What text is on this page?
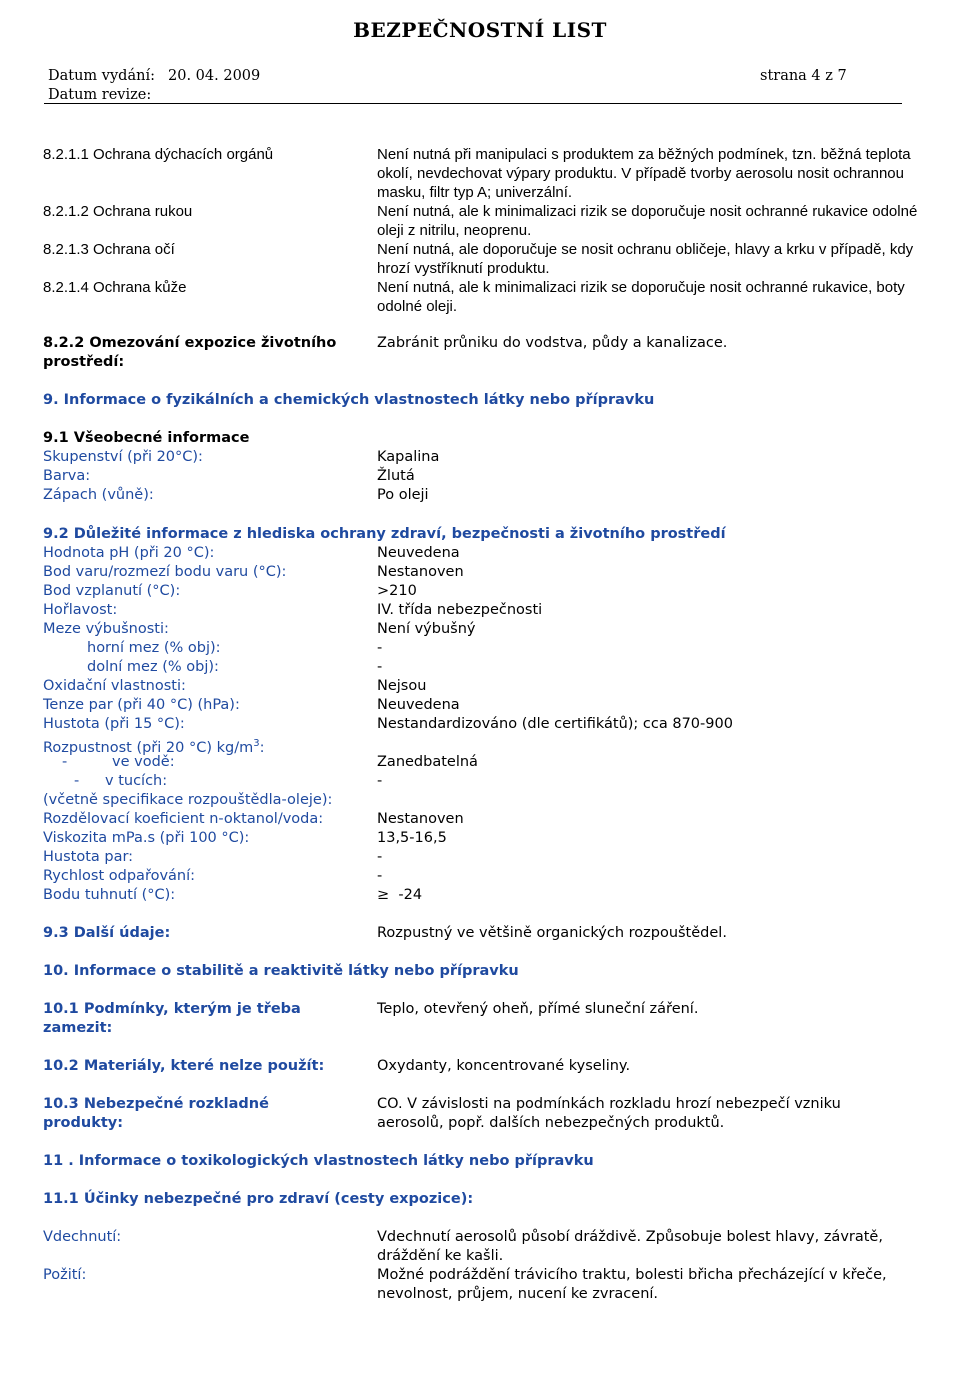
BEZPEČNOSTNÍ LIST
Datum vydání: 20. 04. 2009	strana 4 z 7
Datum revize:
8.2.1.1 Ochrana dýchacích orgánů	Není nutná při manipulaci s produktem za běžných podmínek, tzn. běžná teplota okolí, nevdechovat výpary produktu. V případě tvorby aerosolu nosit ochrannou masku, filtr typ A; univerzální.
8.2.1.2 Ochrana rukou	Není nutná, ale k minimalizaci rizik se doporučuje nosit ochranné rukavice odolné oleji z nitrilu, neoprenu.
8.2.1.3 Ochrana očí	Není nutná, ale doporučuje se nosit ochranu obličeje, hlavy a krku v případě, kdy hrozí vystříknutí produktu.
8.2.1.4 Ochrana kůže	Není nutná, ale k minimalizaci rizik se doporučuje nosit ochranné rukavice, boty odolné oleji.
8.2.2 Omezování expozice životního prostředí:
Zabránit průniku do vodstva, půdy a kanalizace.
9. Informace o fyzikálních a chemických vlastnostech látky nebo přípravku
9.1 Všeobecné informace
Skupenství (při 20°C):	Kapalina
Barva:	Žlutá
Zápach (vůně):	Po oleji
9.2 Důležité informace z hlediska ochrany zdraví, bezpečnosti a životního prostředí
Hodnota pH (při 20 °C):	Neuvedena
Bod varu/rozmezí bodu varu (°C):	Nestanoven
Bod vzplanutí (°C):	>210
Hořlavost:	IV. třída nebezpečnosti
Meze výbušnosti:	Není výbušný
horní mez (% obj):	-
dolní mez (% obj):	-
Oxidační vlastnosti:	Nejsou
Tenze par (při 40 °C) (hPa):	Neuvedena
Hustota (při 15 °C):	Nestandardizováno (dle certifikátů); cca 870-900
Rozpustnost (při 20 °C) $kg/m^3$:
-	ve vodě:	Zanedbatelná
- v tucích:	-
(včetně specifikace rozpouštědla-oleje):
Rozdělovací koeficient n-oktanol/voda:	Nestanoven
Viskozita mPa.s (při 100 °C):	13,5-16,5
Hustota par:	-
Rychlost odpařování:	-
Bodu tuhnutí (°C):	≥ -24
9.3 Další údaje:	Rozpustný ve většině organických rozpouštědel.
10. Informace o stabilitě a reaktivitě látky nebo přípravku
10.1 Podmínky, kterým je třeba zamezit:
Teplo, otevřený oheň, přímé sluneční záření.
10.2 Materiály, které nelze použít:	Oxydanty, koncentrované kyseliny.
10.3 Nebezpečné rozkladné produkty:
CO. V závislosti na podmínkách rozkladu hrozí nebezpečí vzniku aerosolů, popř. dalších nebezpečných produktů.
11 . Informace o toxikologických vlastnostech látky nebo přípravku
11.1 Účinky nebezpečné pro zdraví (cesty expozice):
Vdechnutí:	Vdechnutí aerosolů působí dráždivě. Způsobuje bolest hlavy, závratě, dráždění ke kašli.
Požití:	Možné podráždění trávicího traktu, bolesti břicha přecházející v křeče, nevolnost, průjem, nucení ke zvracení.
